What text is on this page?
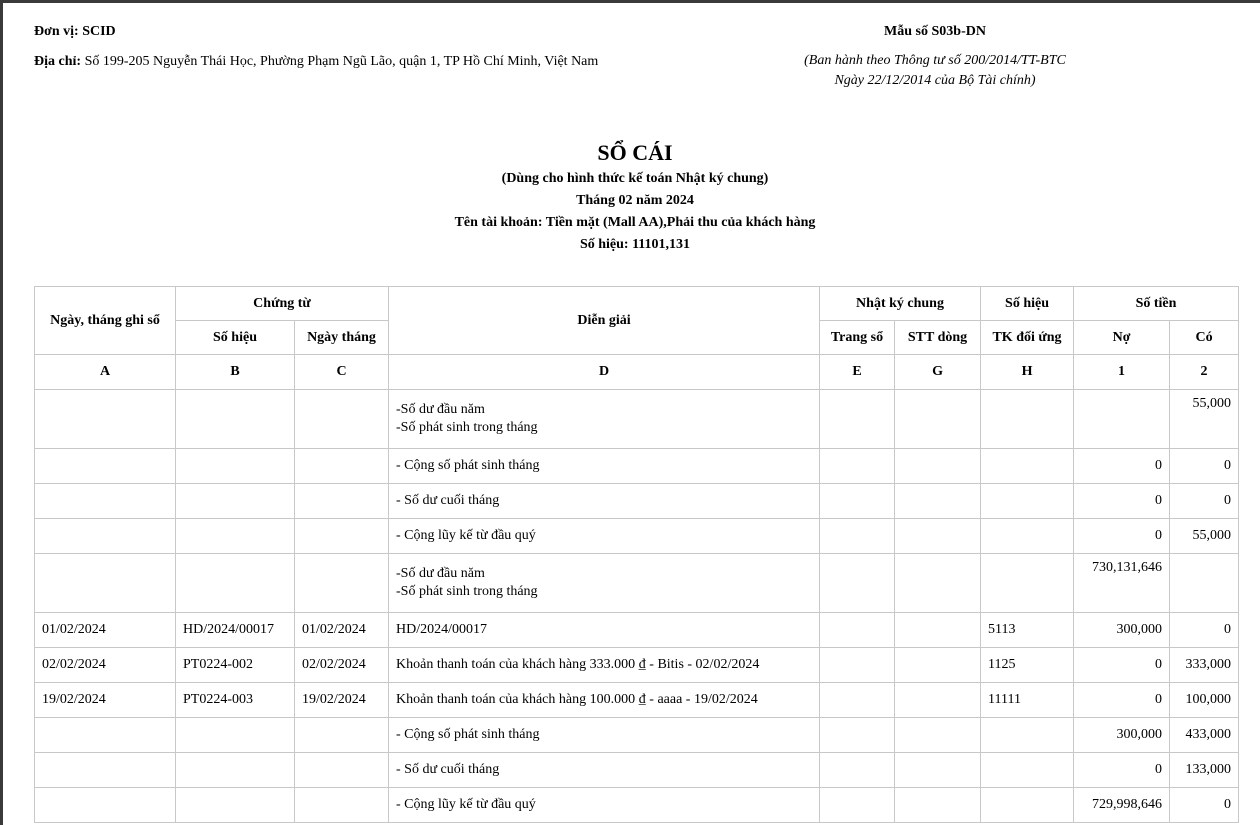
Đơn vị: SCID
Địa chỉ: Số 199-205 Nguyễn Thái Học, Phường Phạm Ngũ Lão, quận 1, TP Hồ Chí Minh, Việt Nam
Mẫu số S03b-DN
(Ban hành theo Thông tư số 200/2014/TT-BTC
Ngày 22/12/2014 của Bộ Tài chính)
SỔ CÁI
(Dùng cho hình thức kế toán Nhật ký chung)
Tháng 02 năm 2024
Tên tài khoản: Tiền mặt (Mall AA),Phải thu của khách hàng
Số hiệu: 11101,131
Ngày, tháng ghi sổ	Chứng từ		Diễn giải	Nhật ký chung		Số hiệu	Số tiền	
	Số hiệu	Ngày tháng		Trang sổ	STT dòng	TK đối ứng	Nợ	Có
A	B	C	D	E	G	H	1	2

			-Số dư đầu năm
-Số phát sinh trong tháng					55,000

			- Cộng số phát sinh tháng				0	0

			- Số dư cuối tháng				0	0

			- Cộng lũy kế từ đầu quý				0	55,000

			-Số dư đầu năm
-Số phát sinh trong tháng				730,131,646	
01/02/2024	HD/2024/00017	01/02/2024	HD/2024/00017			5113	300,000	0
02/02/2024	PT0224-002	02/02/2024	Khoản thanh toán của khách hàng 333.000 ₫ - Bitis - 02/02/2024			1125	0	333,000
19/02/2024	PT0224-003	19/02/2024	Khoản thanh toán của khách hàng 100.000 ₫ - aaaa - 19/02/2024			11111	0	100,000

			- Cộng số phát sinh tháng				300,000	433,000

			- Số dư cuối tháng				0	133,000

			- Cộng lũy kế từ đầu quý				729,998,646	0
